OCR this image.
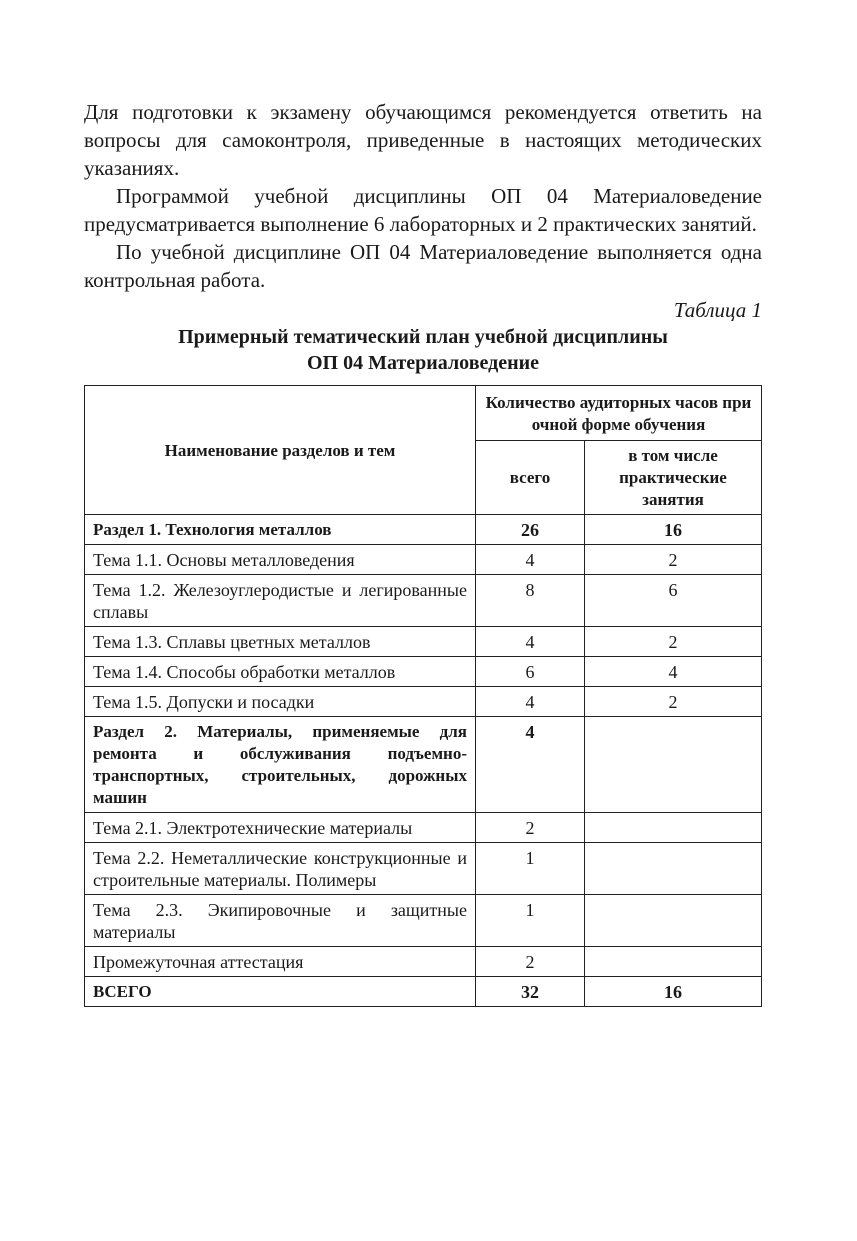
Для подготовки к экзамену обучающимся рекомендуется ответить на вопросы для самоконтроля, приведенные в настоящих методических указаниях.

Программой учебной дисциплины ОП 04 Материаловедение предусматривается выполнение 6 лабораторных и 2 практических занятий.

По учебной дисциплине ОП 04 Материаловедение выполняется одна контрольная работа.

Таблица 1

Примерный тематический план учебной дисциплины

ОП 04 Материаловедение

Наименование разделов и тем	Количество аудиторных часов при очной форме обучения	
	всего	в том числе практические занятия
Раздел 1. Технология металлов	26	16
Тема 1.1. Основы металловедения	4	2
Тема 1.2. Железоуглеродистые и легированные сплавы	8	6
Тема 1.3. Сплавы цветных металлов	4	2
Тема 1.4. Способы обработки металлов	6	4
Тема 1.5. Допуски и посадки	4	2
Раздел 2. Материалы, применяемые для ремонта и обслуживания подъемно-транспортных, строительных, дорожных машин	4	
Тема 2.1. Электротехнические материалы	2	
Тема 2.2. Неметаллические конструкционные и строительные материалы. Полимеры	1	
Тема 2.3. Экипировочные и защитные материалы	1	
Промежуточная аттестация	2	
ВСЕГО	32	16
